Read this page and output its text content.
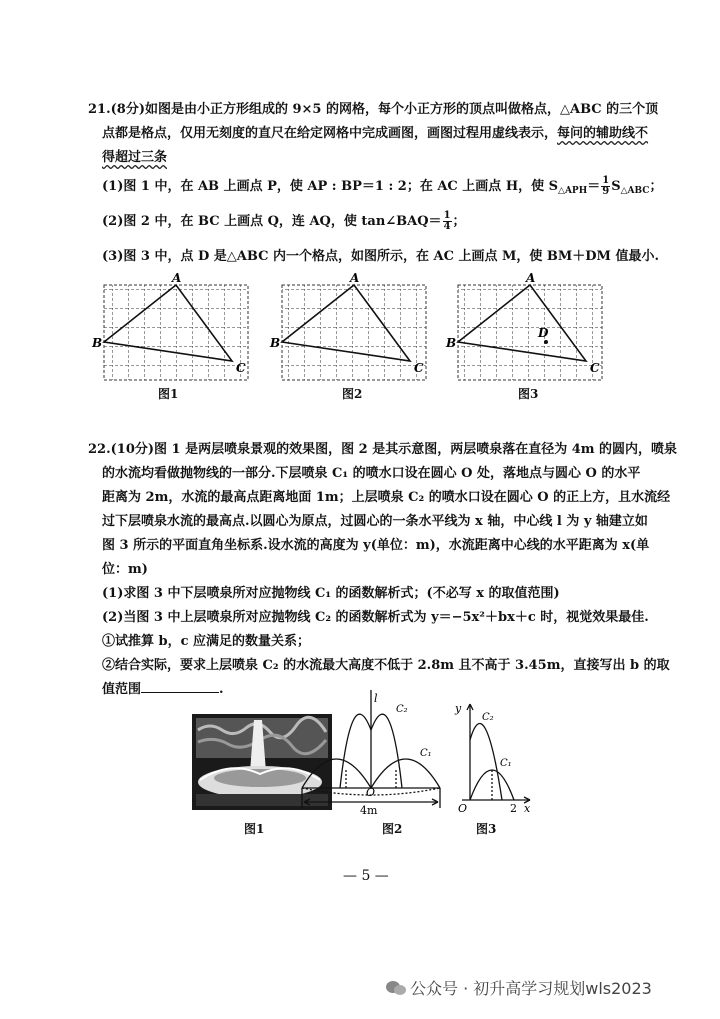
21.(8分)如图是由小正方形组成的 9×5 的网格，每个小正方形的顶点叫做格点，△ABC 的三个顶
点都是格点，仅用无刻度的直尺在给定网格中完成画图，画图过程用虚线表示，每问的辅助线不
得超过三条
(1)图 1 中，在 AB 上画点 P，使 AP : BP＝1 : 2；在 AC 上画点 H，使 $S_{\triangle APH}= \frac{1}{9} S_{\triangle ABC}$；
(2)图 2 中，在 BC 上画点 Q，连 AQ，使 tan∠BAQ＝ $\frac{1}{4}$ ；
(3)图 3 中，点 D 是△ABC 内一个格点，如图所示，在 AC 上画点 M，使 BM＋DM 值最小.
A
B
C
A
B
C
A
B
C
D
图1	图2	图3
22.(10分)图 1 是两层喷泉景观的效果图，图 2 是其示意图，两层喷泉落在直径为 4m 的圆内，喷泉
的水流均看做抛物线的一部分.下层喷泉 C₁ 的喷水口设在圆心 O 处，落地点与圆心 O 的水平
距离为 2m，水流的最高点距离地面 1m；上层喷泉 C₂ 的喷水口设在圆心 O 的正上方，且水流经
过下层喷泉水流的最高点.以圆心为原点，过圆心的一条水平线为 x 轴，中心线 l 为 y 轴建立如
图 3 所示的平面直角坐标系.设水流的高度为 y(单位：m)，水流距离中心线的水平距离为 x(单
位：m)
(1)求图 3 中下层喷泉所对应抛物线 C₁ 的函数解析式；(不必写 x 的取值范围)
(2)当图 3 中上层喷泉所对应抛物线 C₂ 的函数解析式为 y＝−5x²＋bx＋c 时，视觉效果最佳.
①试推算 b，c 应满足的数量关系；
②结合实际，要求上层喷泉 C₂ 的水流最大高度不低于 2.8m 且不高于 3.45m，直接写出 b 的取
值范围	.
l
C₂
C₁
O
4m
y
C₂
C₁
O	2 x
图1	图2	图3
— 5 —
公众号 · 初升高学习规划wls2023
